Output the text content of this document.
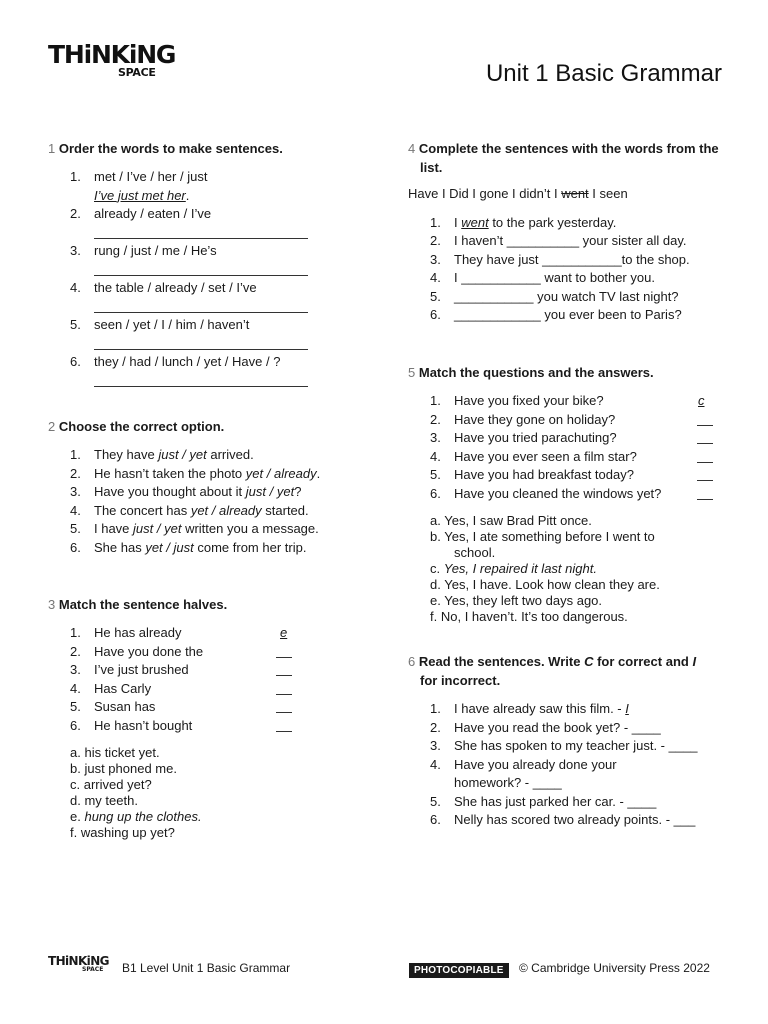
THiNKiNG
SPACE	Unit 1 Basic Grammar
1 Order the words to make sentences.
1. met / I’ve / her / just
I’ve just met her.
2. already / eaten / I’ve
3. rung / just / me / He’s
4. the table / already / set / I’ve
5. seen / yet / I / him / haven’t
6. they / had / lunch / yet / Have / ?
2 Choose the correct option.
1. They have just / yet arrived.
2. He hasn’t taken the photo yet / already.
3. Have you thought about it just / yet?
4. The concert has yet / already started.
5. I have just / yet written you a message.
6. She has yet / just come from her trip.
3 Match the sentence halves.
1. He has already	e
2. Have you done the
3. I’ve just brushed
4. Has Carly
5. Susan has
6. He hasn’t bought
a. his ticket yet.
b. just phoned me.
c. arrived yet?
d. my teeth.
e. hung up the clothes.
f. washing up yet?
4 Complete the sentences with the words from the list.
Have I Did I gone I didn’t I went I seen
1. I went to the park yesterday.
2. I haven’t __________ your sister all day.
3. They have just ___________to the shop.
4. I ___________ want to bother you.
5. ___________ you watch TV last night?
6. ____________ you ever been to Paris?
5 Match the questions and the answers.
1. Have you fixed your bike?	c
2. Have they gone on holiday?
3. Have you tried parachuting?
4. Have you ever seen a film star?
5. Have you had breakfast today?
6. Have you cleaned the windows yet?
a. Yes, I saw Brad Pitt once.
b. Yes, I ate something before I went to
school.
c. Yes, I repaired it last night.
d. Yes, I have. Look how clean they are.
e. Yes, they left two days ago.
f. No, I haven’t. It’s too dangerous.
6 Read the sentences. Write C for correct and I
for incorrect.
1. I have already saw this film. - I
2. Have you read the book yet? - ____
3. She has spoken to my teacher just. - ____
4. Have you already done your
homework? - ____
5. She has just parked her car. - ____
6. Nelly has scored two already points. - ___
THiNKiNG
SPACE B1 Level Unit 1 Basic Grammar	PHOTOCOPIABLE	© Cambridge University Press 2022
